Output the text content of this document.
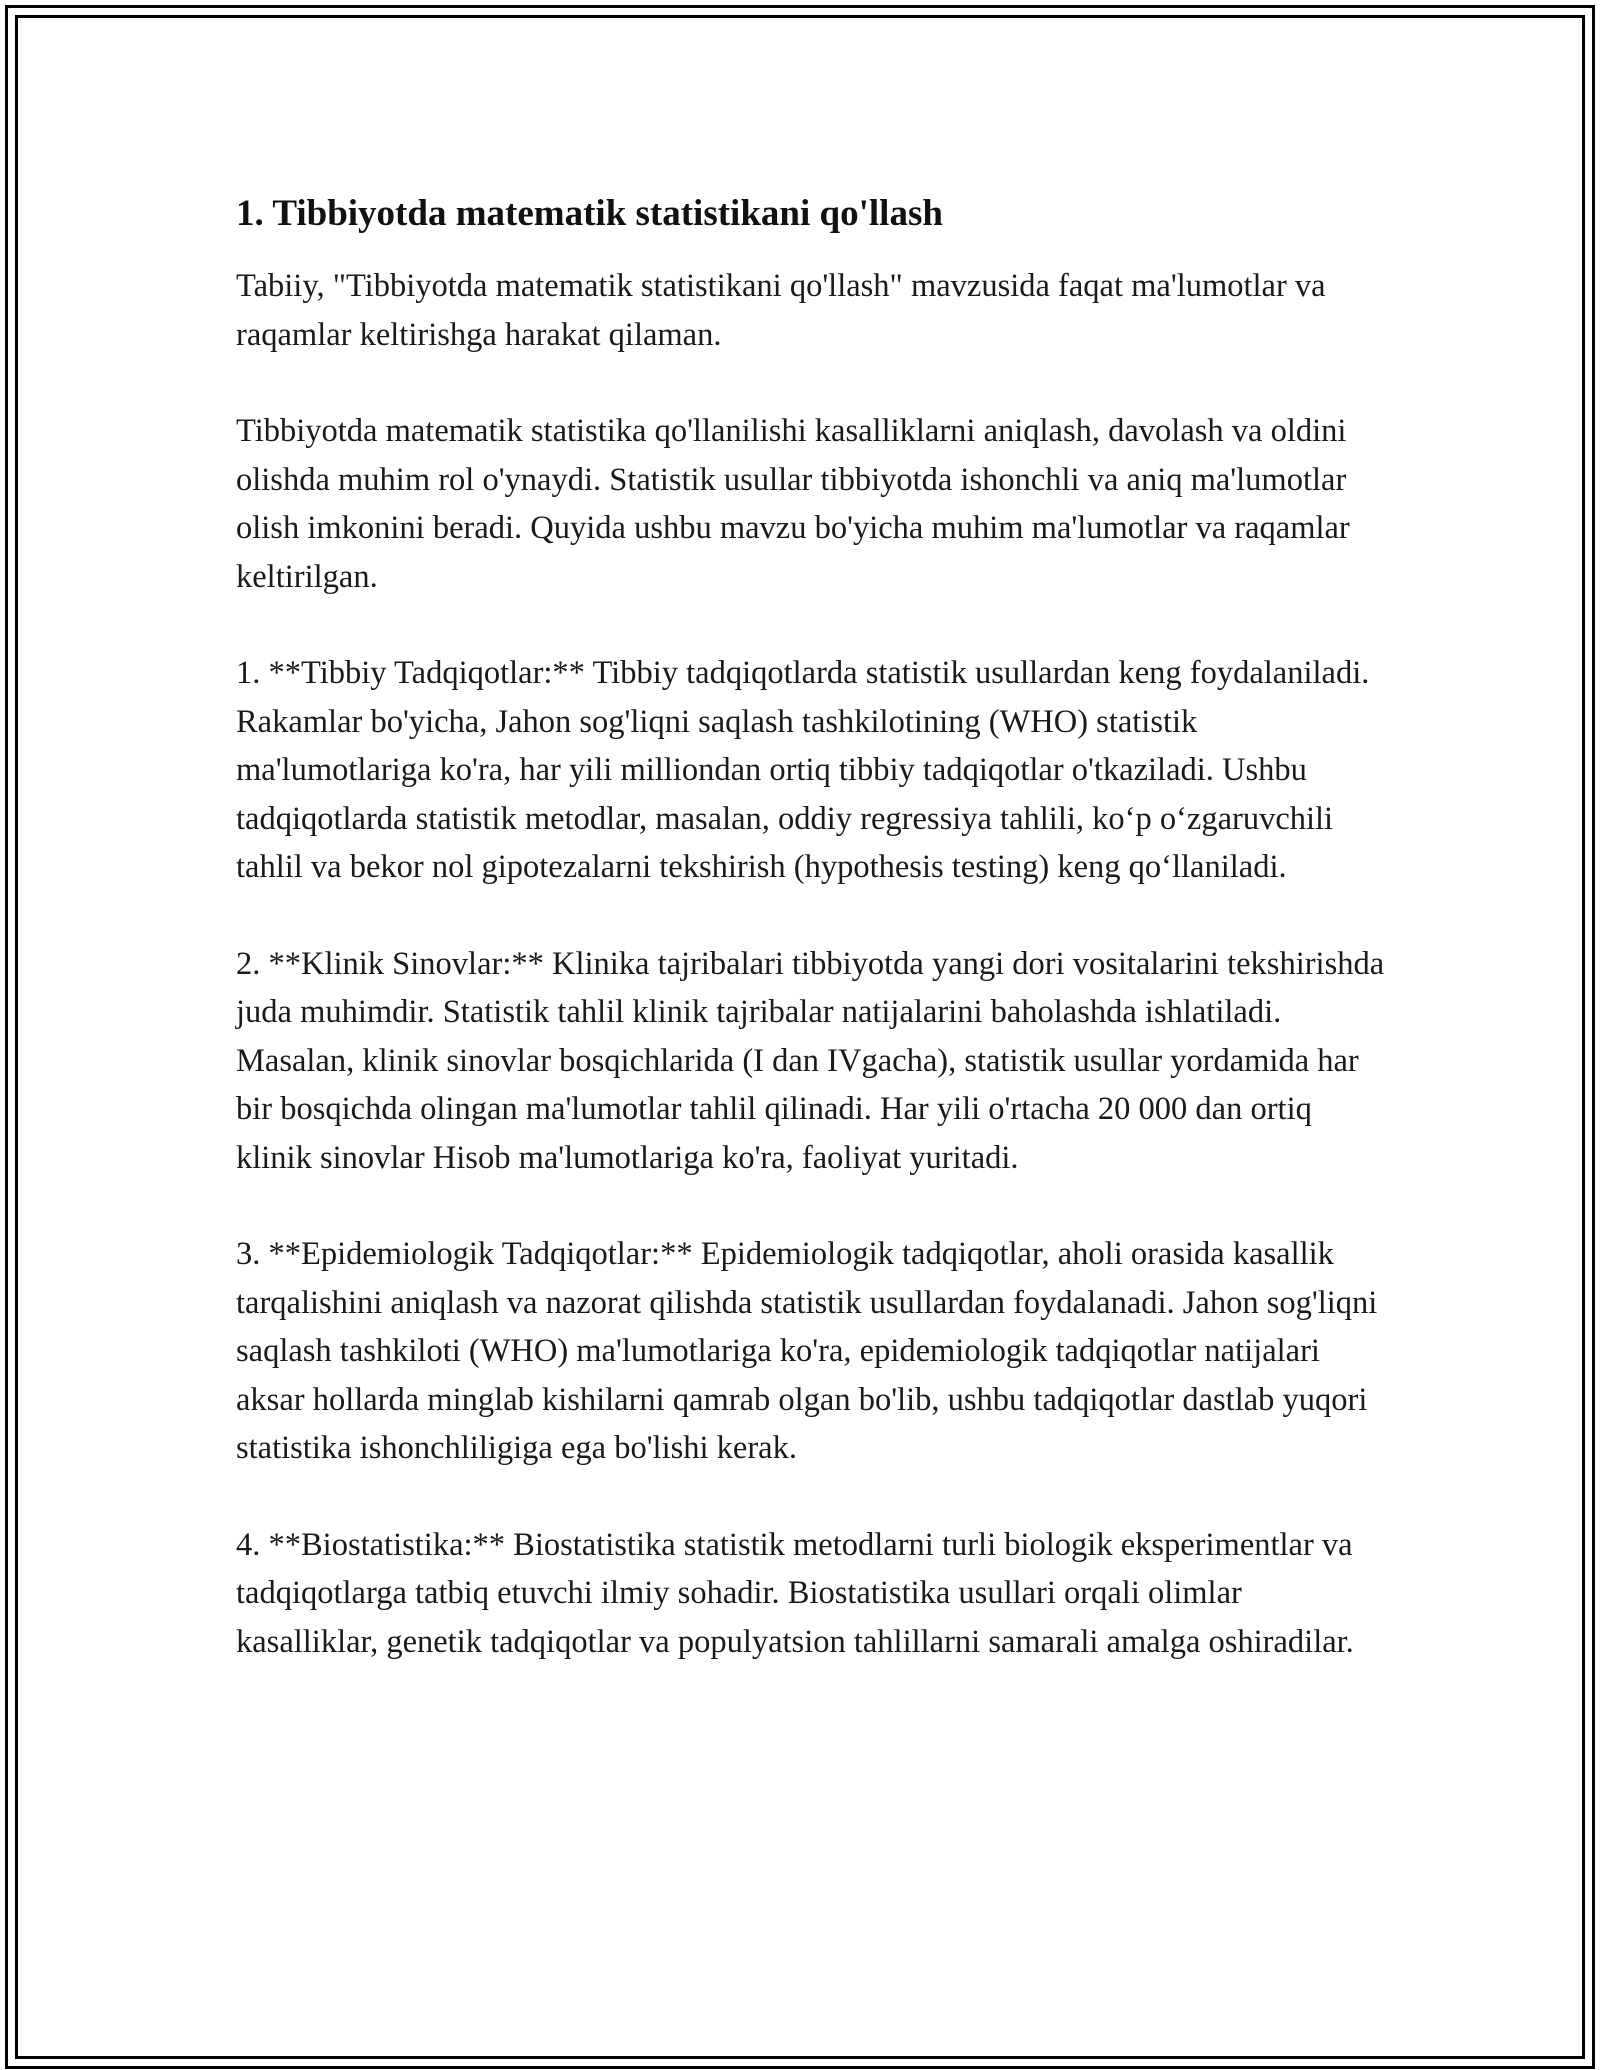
1. Tibbiyotda matematik statistikani qo'llash

Tabiiy, "Tibbiyotda matematik statistikani qo'llash" mavzusida faqat ma'lumotlar va raqamlar keltirishga harakat qilaman.

Tibbiyotda matematik statistika qo'llanilishi kasalliklarni aniqlash, davolash va oldini olishda muhim rol o'ynaydi. Statistik usullar tibbiyotda ishonchli va aniq ma'lumotlar olish imkonini beradi. Quyida ushbu mavzu bo'yicha muhim ma'lumotlar va raqamlar keltirilgan.

1. **Tibbiy Tadqiqotlar:** Tibbiy tadqiqotlarda statistik usullardan keng foydalaniladi. Rakamlar bo'yicha, Jahon sog'liqni saqlash tashkilotining (WHO) statistik ma'lumotlariga ko'ra, har yili milliondan ortiq tibbiy tadqiqotlar o'tkaziladi. Ushbu tadqiqotlarda statistik metodlar, masalan, oddiy regressiya tahlili, ko‘p o‘zgaruvchili tahlil va bekor nol gipotezalarni tekshirish (hypothesis testing) keng qo‘llaniladi.

2. **Klinik Sinovlar:** Klinika tajribalari tibbiyotda yangi dori vositalarini tekshirishda juda muhimdir. Statistik tahlil klinik tajribalar natijalarini baholashda ishlatiladi. Masalan, klinik sinovlar bosqichlarida (I dan IVgacha), statistik usullar yordamida har bir bosqichda olingan ma'lumotlar tahlil qilinadi. Har yili o'rtacha 20 000 dan ortiq klinik sinovlar Hisob ma'lumotlariga ko'ra, faoliyat yuritadi.

3. **Epidemiologik Tadqiqotlar:** Epidemiologik tadqiqotlar, aholi orasida kasallik tarqalishini aniqlash va nazorat qilishda statistik usullardan foydalanadi. Jahon sog'liqni saqlash tashkiloti (WHO) ma'lumotlariga ko'ra, epidemiologik tadqiqotlar natijalari aksar hollarda minglab kishilarni qamrab olgan bo'lib, ushbu tadqiqotlar dastlab yuqori statistika ishonchliligiga ega bo'lishi kerak.

4. **Biostatistika:** Biostatistika statistik metodlarni turli biologik eksperimentlar va tadqiqotlarga tatbiq etuvchi ilmiy sohadir. Biostatistika usullari orqali olimlar kasalliklar, genetik tadqiqotlar va populyatsion tahlillarni samarali amalga oshiradilar.
